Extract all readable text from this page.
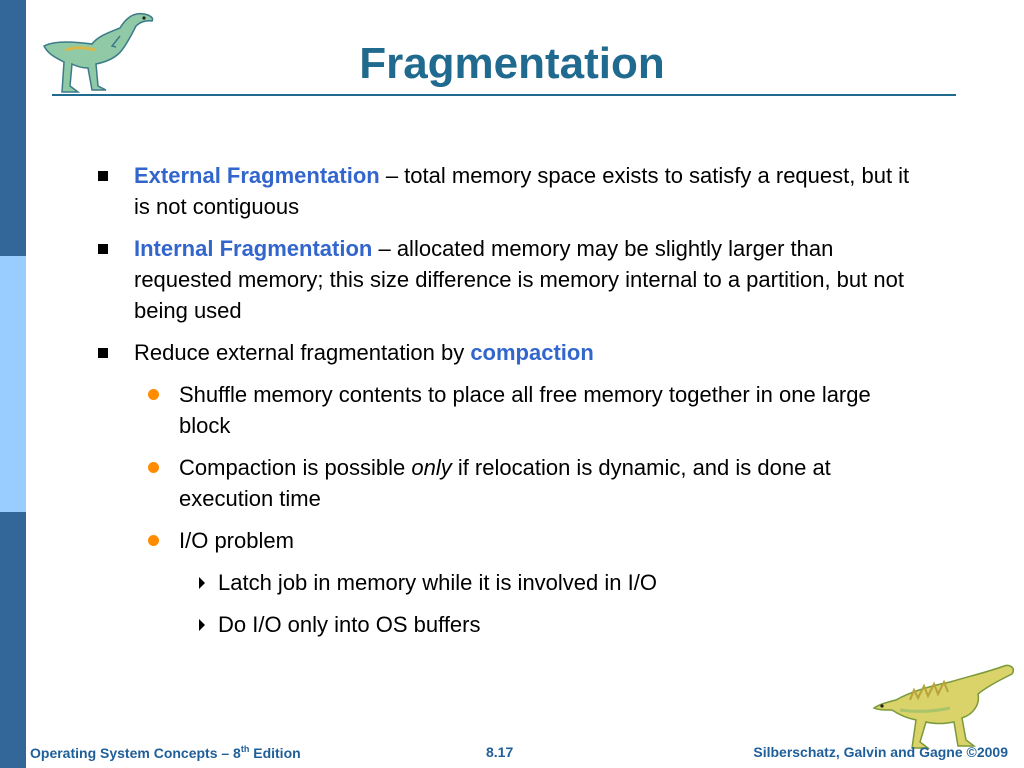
Fragmentation
External Fragmentation – total memory space exists to satisfy a request, but it is not contiguous
Internal Fragmentation – allocated memory may be slightly larger than requested memory; this size difference is memory internal to a partition, but not being used
Reduce external fragmentation by compaction
Shuffle memory contents to place all free memory together in one large block
Compaction is possible only if relocation is dynamic, and is done at execution time
I/O problem
Latch job in memory while it is involved in I/O
Do I/O only into OS buffers
Operating System Concepts – 8th Edition	8.17	Silberschatz, Galvin and Gagne ©2009
